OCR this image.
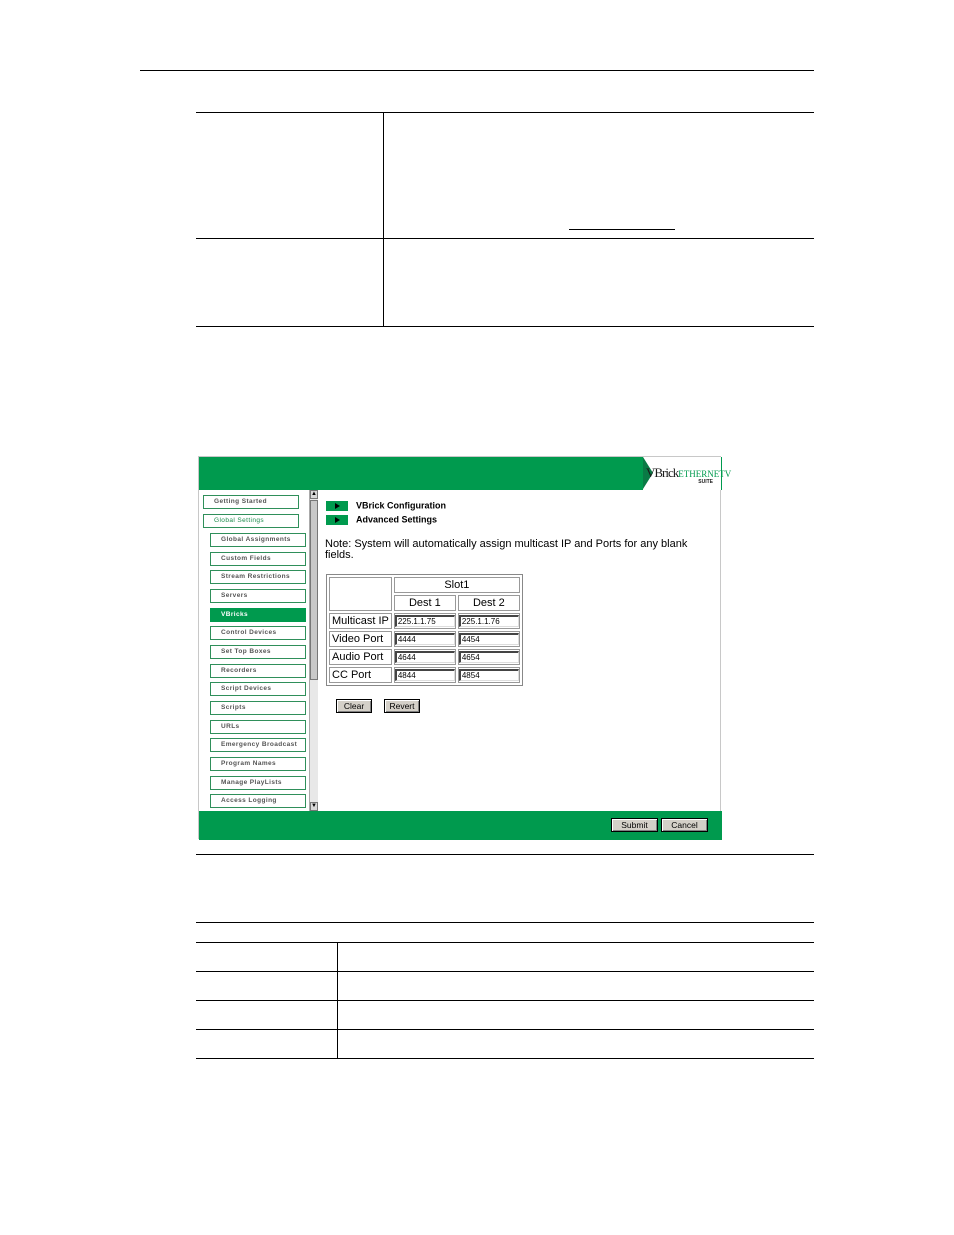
VBrickETHERNETV
SUITE
Getting Started
Global Settings
Global Assignments
Custom Fields
Stream Restrictions
Servers
VBricks
Control Devices
Set Top Boxes
Recorders
Script Devices
Scripts
URLs
Emergency Broadcast
Program Names
Manage PlayLists
Access Logging
▲
▼
VBrick Configuration
Advanced Settings
Note: System will automatically assign multicast IP and Ports for any blank fields.
	Slot1	
	Dest 1	Dest 2
Multicast IP	225.1.1.75	225.1.1.76

Video Port	4444	4454

Audio Port	4644	4654

CC Port	4844	4854
Clear	Revert
Submit	Cancel
